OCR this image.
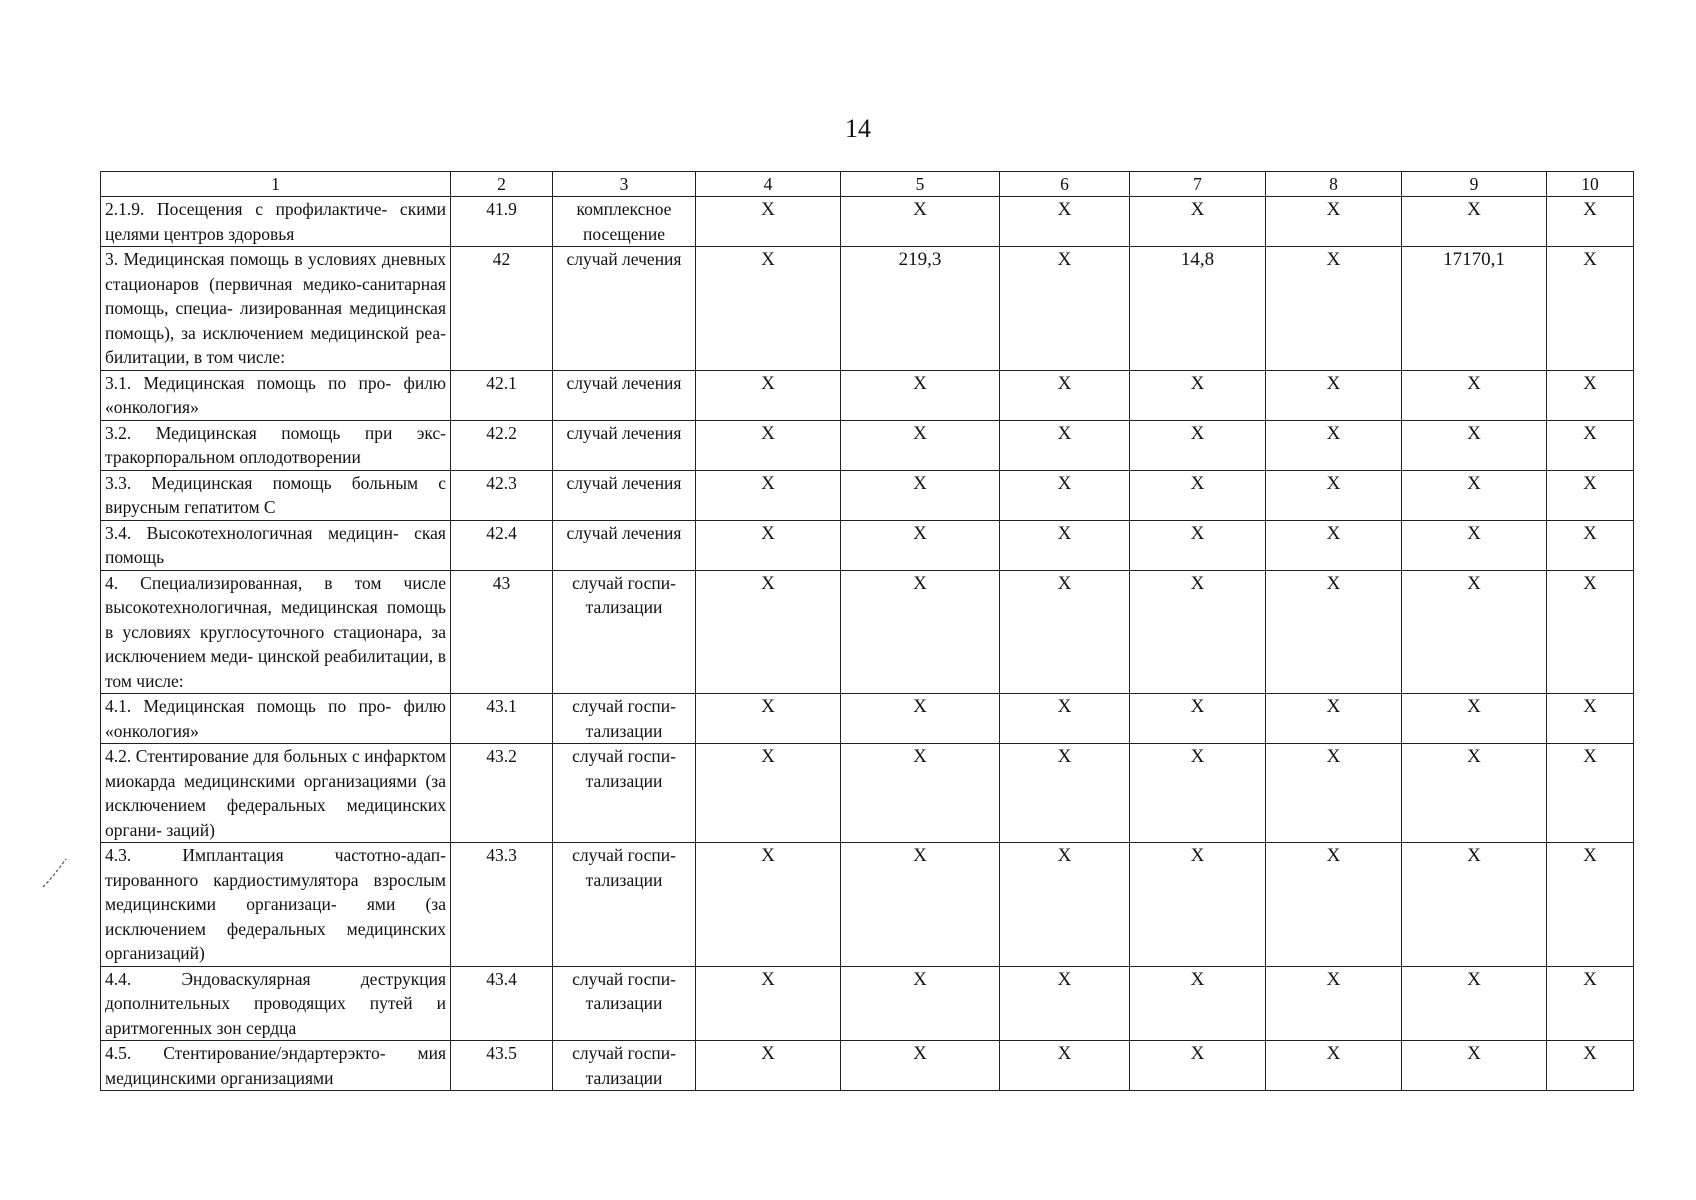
14
1	2	3	4	5	6	7	8	9	10
2.1.9. Посещения с профилактиче- скими целями центров здоровья	41.9	комплексное посещение	Х	Х	Х	Х	Х	Х	Х
3. Медицинская помощь в условиях дневных стационаров (первичная медико-санитарная помощь, специа- лизированная медицинская помощь), за исключением медицинской реа- билитации, в том числе:	42	случай лечения	Х	219,3	Х	14,8	Х	17170,1	Х
3.1. Медицинская помощь по про- филю «онкология»	42.1	случай лечения	Х	Х	Х	Х	Х	Х	Х
3.2. Медицинская помощь при экс- тракорпоральном оплодотворении	42.2	случай лечения	Х	Х	Х	Х	Х	Х	Х
3.3. Медицинская помощь больным с вирусным гепатитом С	42.3	случай лечения	Х	Х	Х	Х	Х	Х	Х
3.4. Высокотехнологичная медицин- ская помощь	42.4	случай лечения	Х	Х	Х	Х	Х	Х	Х
4. Специализированная, в том числе высокотехнологичная, медицинская помощь в условиях круглосуточного стационара, за исключением меди- цинской реабилитации, в том числе:	43	случай госпи- тализации	Х	Х	Х	Х	Х	Х	Х
4.1. Медицинская помощь по про- филю «онкология»	43.1	случай госпи- тализации	Х	Х	Х	Х	Х	Х	Х
4.2. Стентирование для больных с инфарктом миокарда медицинскими организациями (за исключением федеральных медицинских органи- заций)	43.2	случай госпи- тализации	Х	Х	Х	Х	Х	Х	Х
4.3. Имплантация частотно-адап- тированного кардиостимулятора взрослым медицинскими организаци- ями (за исключением федеральных медицинских организаций)	43.3	случай госпи- тализации	Х	Х	Х	Х	Х	Х	Х
4.4. Эндоваскулярная деструкция дополнительных проводящих путей и аритмогенных зон сердца	43.4	случай госпи- тализации	Х	Х	Х	Х	Х	Х	Х
4.5. Стентирование/эндартерэкто- мия медицинскими организациями	43.5	случай госпи- тализации	Х	Х	Х	Х	Х	Х	Х
